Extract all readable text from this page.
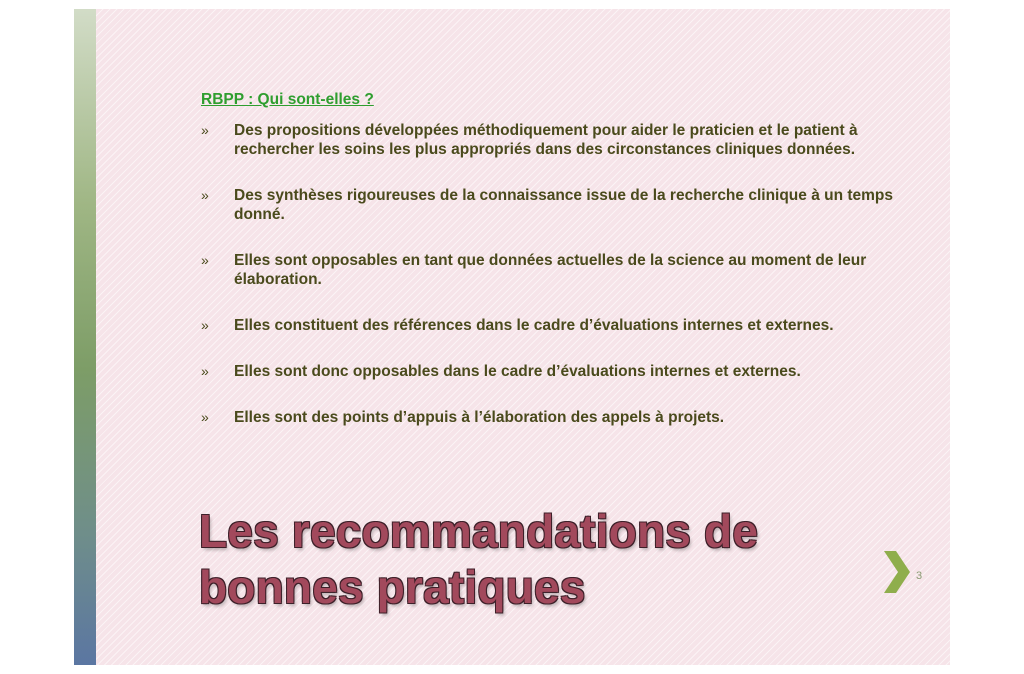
RBPP : Qui sont-elles ?
» Des propositions développées méthodiquement pour aider le praticien et le patient à rechercher les soins les plus appropriés dans des circonstances cliniques données.
» Des synthèses rigoureuses de la connaissance issue de la recherche clinique à un temps donné.
» Elles sont opposables en tant que données actuelles de la science au moment de leur élaboration.
» Elles constituent des références dans le cadre d’évaluations internes et externes.
» Elles sont donc opposables dans le cadre d’évaluations internes et externes.
» Elles sont des points d’appuis à l’élaboration des appels à projets.
Les recommandations de
bonnes pratiques	3
